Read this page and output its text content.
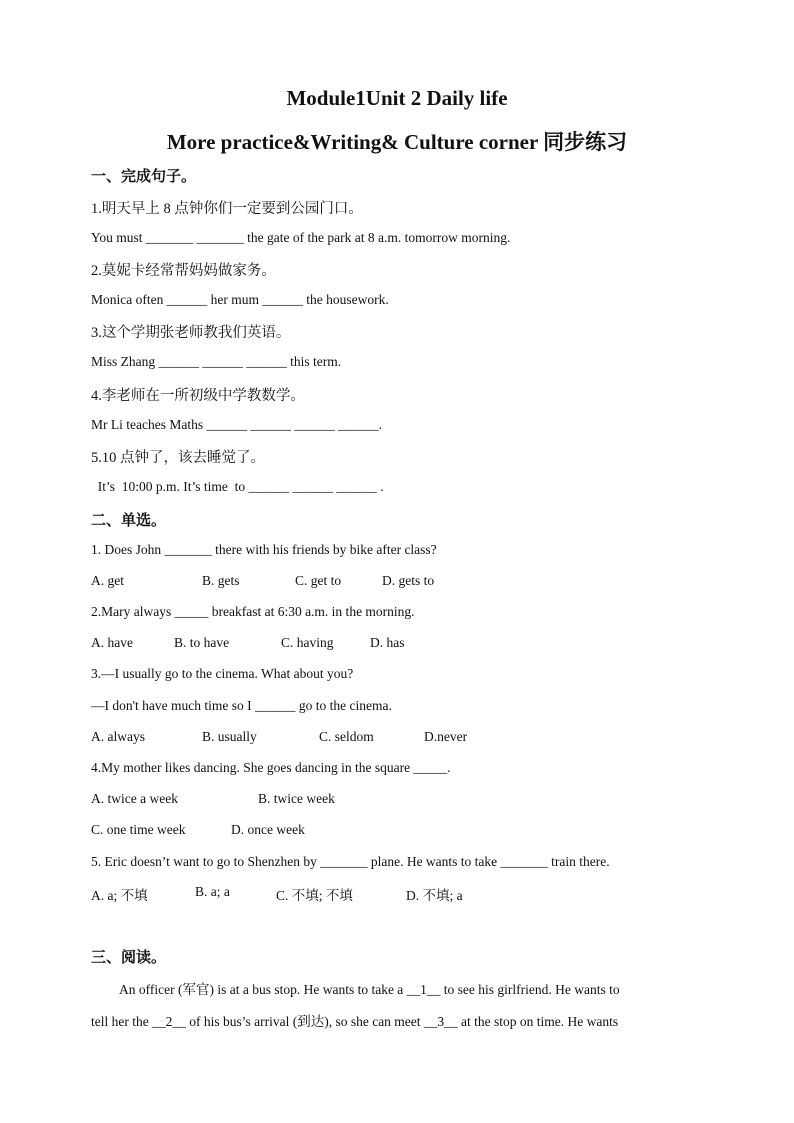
Module1Unit 2 Daily life
More practice&Writing& Culture corner 同步练习
一、完成句子。
1.明天早上 8 点钟你们一定要到公园门口。
You must _______ _______ the gate of the park at 8 a.m. tomorrow morning.
2.莫妮卡经常帮妈妈做家务。
Monica often ______ her mum ______ the housework.
3.这个学期张老师教我们英语。
Miss Zhang ______ ______ ______ this term.
4.李老师在一所初级中学教数学。
Mr Li teaches Maths ______ ______ ______ ______.
5.10 点钟了，该去睡觉了。
It’s  10:00 p.m. It’s time  to ______ ______ ______ .
二、单选。
1. Does John _______ there with his friends by bike after class?
A. get	B. gets	C. get to	D. gets to
2.Mary always _____ breakfast at 6:30 a.m. in the morning.
A. have	B. to have	C. having	D. has
3.—I usually go to the cinema. What about you?
—I don't have much time so I ______ go to the cinema.
A. always	B. usually	C. seldom	D.never
4.My mother likes dancing. She goes dancing in the square _____.
A. twice a week	B. twice week
C. one time week	D. once week
5. Eric doesn’t want to go to Shenzhen by _______ plane. He wants to take _______ train there.
A. a; 不填	B. a; a	C. 不填; 不填	D. 不填; a
三、阅读。
An officer (军官) is at a bus stop. He wants to take a __1__ to see his girlfriend. He wants to
tell her the __2__ of his bus’s arrival (到达), so she can meet __3__ at the stop on time. He wants
